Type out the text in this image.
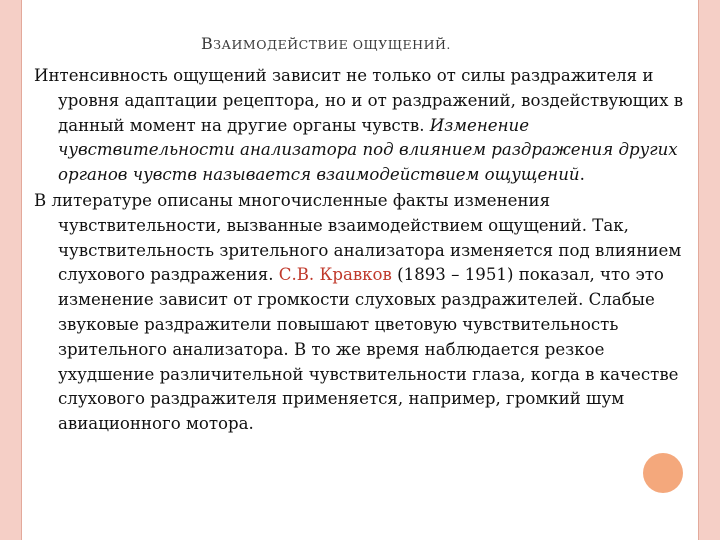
ВЗАИМОДЕЙСТВИЕ ОЩУЩЕНИЙ.

Интенсивность ощущений зависит не только от силы раздражителя и уровня адаптации рецептора, но и от раздражений, воздействующих в данный момент на другие органы чувств. Изменение чувствительности анализатора под влиянием раздражения других органов чувств называется взаимодействием ощущений.

В литературе описаны многочисленные факты изменения чувствительности, вызванные взаимодействием ощущений. Так, чувствительность зрительного анализатора изменяется под влиянием слухового раздражения. С.В. Кравков (1893 – 1951) показал, что это изменение зависит от громкости слуховых раздражителей. Слабые звуковые раздражители повышают цветовую чувствительность зрительного анализатора. В то же время наблюдается резкое ухудшение различительной чувствительности глаза, когда в качестве слухового раздражителя применяется, например, громкий шум авиационного мотора.
